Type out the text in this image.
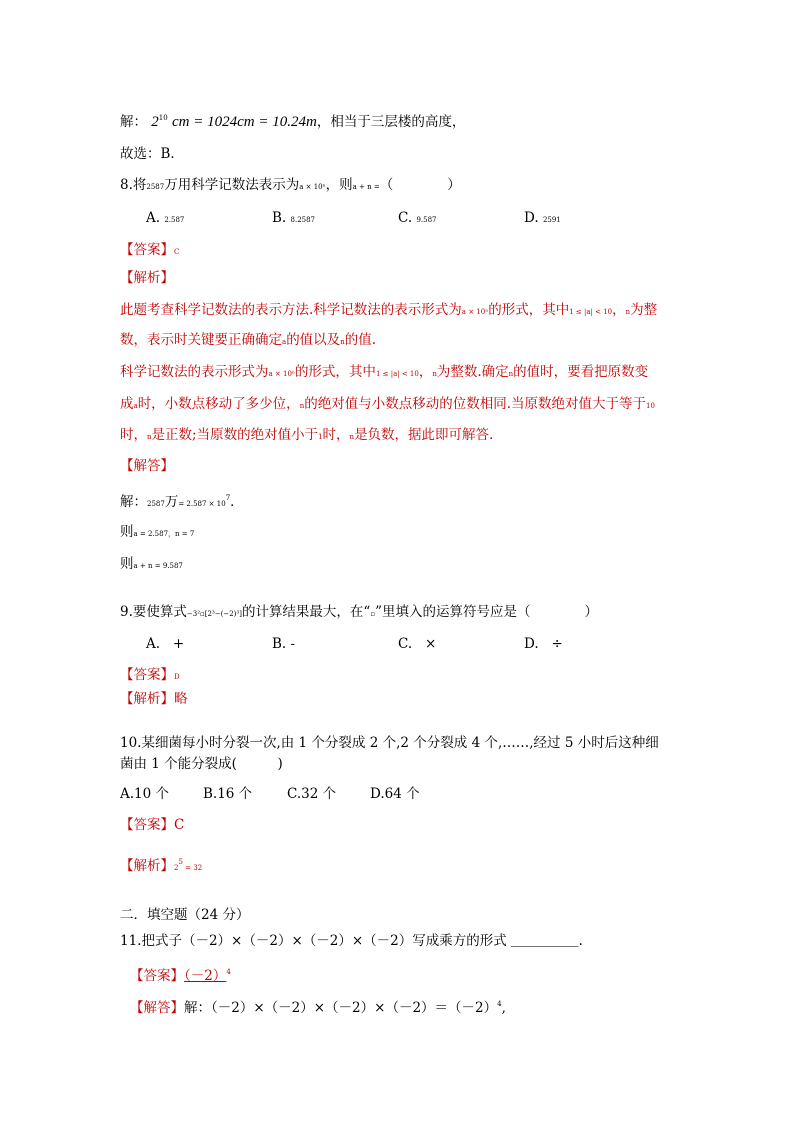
解： $2^{10}$ cm = 1024cm = 10.24m，相当于三层楼的高度，
故选：B．
8.将2587万用科学记数法表示为a × 10ⁿ，则a + n =（　　　　）
A. 2.587	B. 8.2587	C. 9.587	D. 2591
【答案】C
【解析】
此题考查科学记数法的表示方法.科学记数法的表示形式为a × 10ⁿ的形式，其中1 ≤ |a| < 10，n为整
数，表示时关键要正确确定a的值以及n的值.
科学记数法的表示形式为a × 10ⁿ的形式，其中1 ≤ |a| < 10，n为整数.确定n的值时，要看把原数变
成a时，小数点移动了多少位，n的绝对值与小数点移动的位数相同.当原数绝对值大于等于10
时，n是正数;当原数的绝对值小于1时，n是负数，据此即可解答.
【解答】
解：2587万= $2.587 \times 10^7$．
则a = 2.587，n = 7
则a + n = 9.587
9.要使算式−3²▫[2³−(−2)³]的计算结果最大，在“▫”里填入的运算符号应是（　　　　）
A. +	B. -	C. ×	D. ÷
【答案】D
【解析】略
10.某细菌每小时分裂一次,由 1 个分裂成 2 个,2 个分裂成 4 个,……,经过 5 小时后这种细
菌由 1 个能分裂成(　　　)
A.10 个	B.16 个	C.32 个	D.64 个
【答案】C
【解析】$2^5 = 32$
二．填空题（24 分）
11.把式子（－2）×（－2）×（－2）×（－2）写成乘方的形式 ＿＿＿＿＿.
【答案】$(-2)^4$
【解答】解：$(-2)\times(-2)\times(-2)\times(-2)=(-2)^4$,
